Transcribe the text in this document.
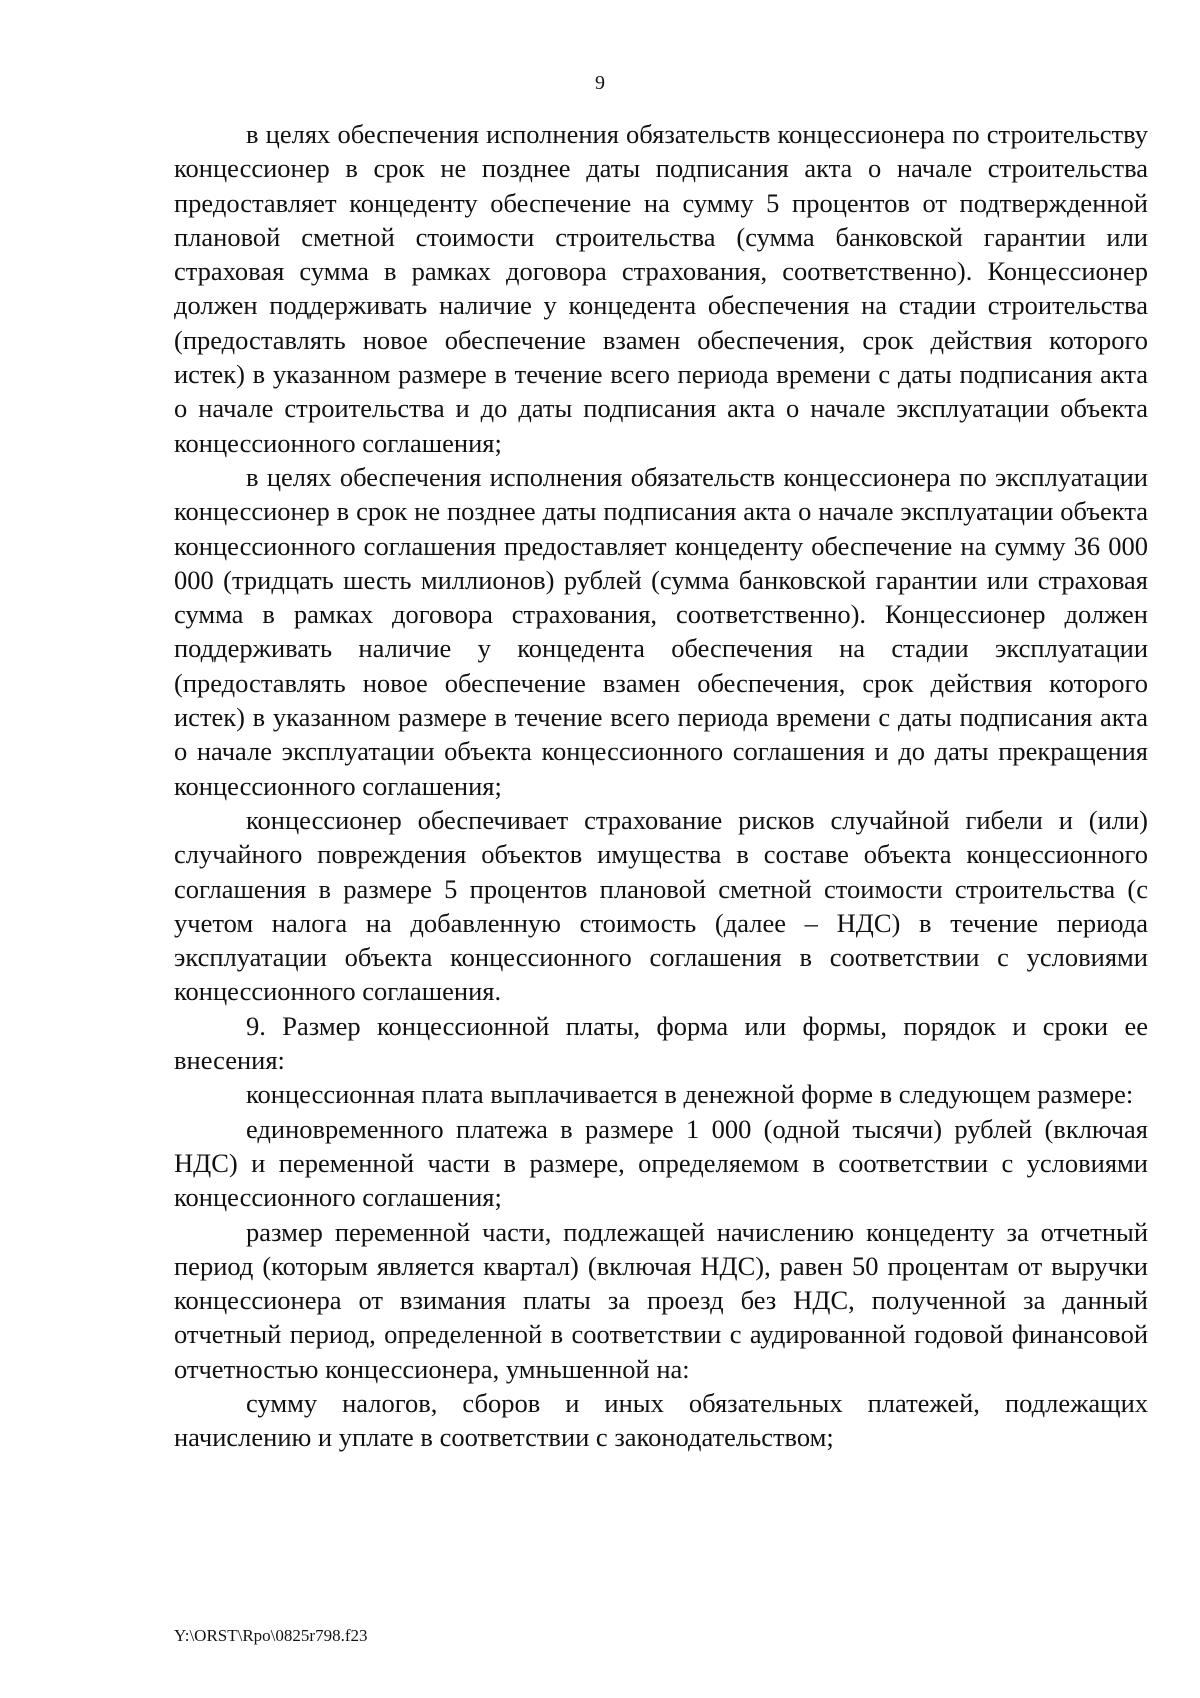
9

в целях обеспечения исполнения обязательств концессионера по строительству концессионер в срок не позднее даты подписания акта о начале строительства предоставляет концеденту обеспечение на сумму 5 процентов от подтвержденной плановой сметной стоимости строительства (сумма банковской гарантии или страховая сумма в рамках договора страхования, соответственно). Концессионер должен поддерживать наличие у концедента обеспечения на стадии строительства (предоставлять новое обеспечение взамен обеспечения, срок действия которого истек) в указанном размере в течение всего периода времени с даты подписания акта о начале строительства и до даты подписания акта о начале эксплуатации объекта концессионного соглашения;

в целях обеспечения исполнения обязательств концессионера по эксплуатации концессионер в срок не позднее даты подписания акта о начале эксплуатации объекта концессионного соглашения предоставляет концеденту обеспечение на сумму 36 000 000 (тридцать шесть миллионов) рублей (сумма банковской гарантии или страховая сумма в рамках договора страхования, соответственно). Концессионер должен поддерживать наличие у концедента обеспечения на стадии эксплуатации (предоставлять новое обеспечение взамен обеспечения, срок действия которого истек) в указанном размере в течение всего периода времени с даты подписания акта о начале эксплуатации объекта концессионного соглашения и до даты прекращения концессионного соглашения;

концессионер обеспечивает страхование рисков случайной гибели и (или) случайного повреждения объектов имущества в составе объекта концессионного соглашения в размере 5 процентов плановой сметной стоимости строительства (с учетом налога на добавленную стоимость (далее – НДС) в течение периода эксплуатации объекта концессионного соглашения в соответствии с условиями концессионного соглашения.

9. Размер концессионной платы, форма или формы, порядок и сроки ее внесения:

концессионная плата выплачивается в денежной форме в следующем размере:

единовременного платежа в размере 1 000 (одной тысячи) рублей (включая НДС) и переменной части в размере, определяемом в соответствии с условиями концессионного соглашения;

размер переменной части, подлежащей начислению концеденту за отчетный период (которым является квартал) (включая НДС), равен 50 процентам от выручки концессионера от взимания платы за проезд без НДС, полученной за данный отчетный период, определенной в соответствии с аудированной годовой финансовой отчетностью концессионера, умньшенной на:

сумму налогов, сборов и иных обязательных платежей, подлежащих начислению и уплате в соответствии с законодательством;

Y:\ORST\Rpo\0825r798.f23
